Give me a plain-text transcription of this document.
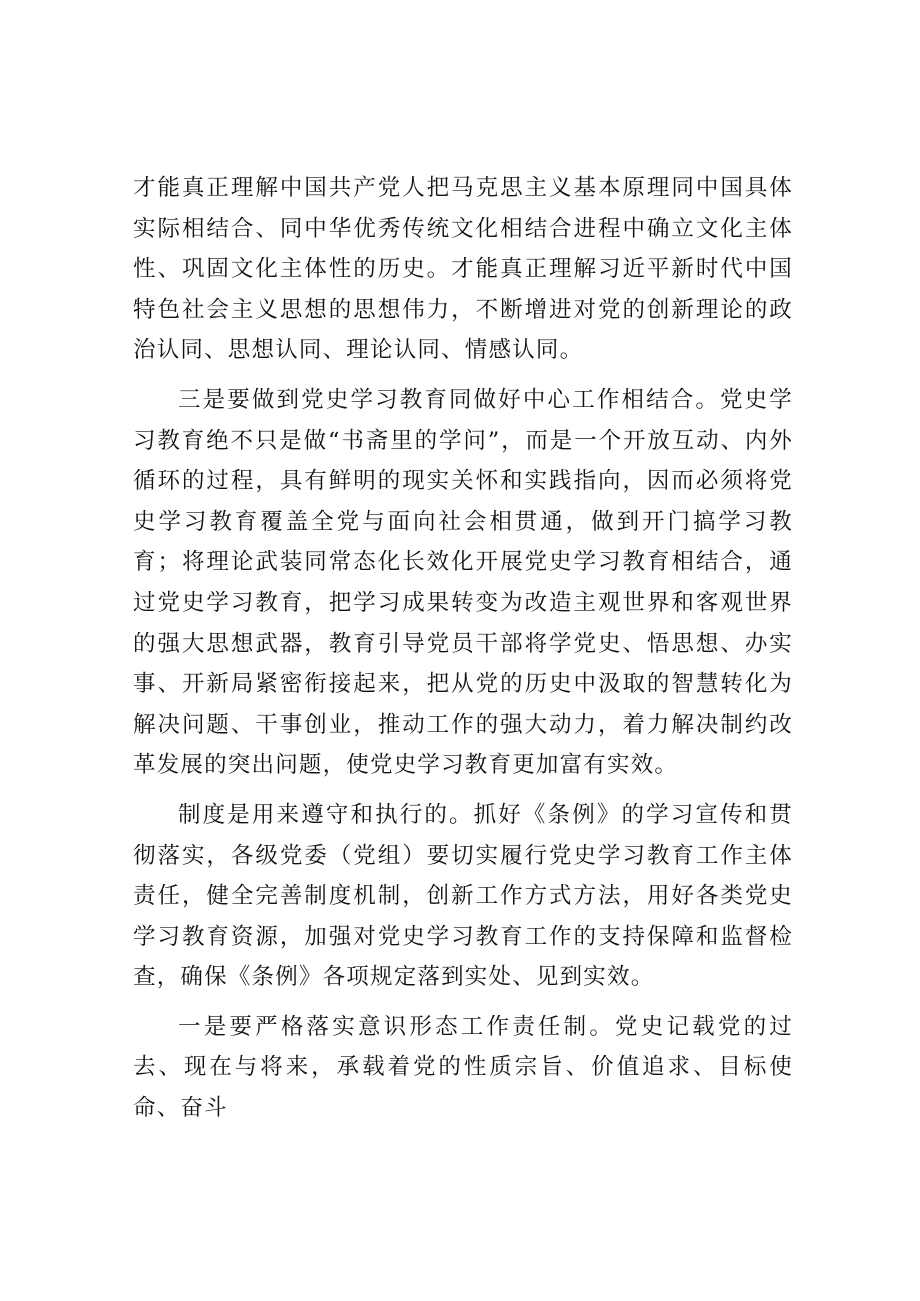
才能真正理解中国共产党人把马克思主义基本原理同中国具体实际相结合、同中华优秀传统文化相结合进程中确立文化主体性、巩固文化主体性的历史。才能真正理解习近平新时代中国特色社会主义思想的思想伟力，不断增进对党的创新理论的政治认同、思想认同、理论认同、情感认同。

三是要做到党史学习教育同做好中心工作相结合。党史学习教育绝不只是做“书斋里的学问”，而是一个开放互动、内外循环的过程，具有鲜明的现实关怀和实践指向，因而必须将党史学习教育覆盖全党与面向社会相贯通，做到开门搞学习教育；将理论武装同常态化长效化开展党史学习教育相结合，通过党史学习教育，把学习成果转变为改造主观世界和客观世界的强大思想武器，教育引导党员干部将学党史、悟思想、办实事、开新局紧密衔接起来，把从党的历史中汲取的智慧转化为解决问题、干事创业，推动工作的强大动力，着力解决制约改革发展的突出问题，使党史学习教育更加富有实效。

制度是用来遵守和执行的。抓好《条例》的学习宣传和贯彻落实，各级党委（党组）要切实履行党史学习教育工作主体责任，健全完善制度机制，创新工作方式方法，用好各类党史学习教育资源，加强对党史学习教育工作的支持保障和监督检查，确保《条例》各项规定落到实处、见到实效。

一是要严格落实意识形态工作责任制。党史记载党的过去、现在与将来，承载着党的性质宗旨、价值追求、目标使命、奋斗
